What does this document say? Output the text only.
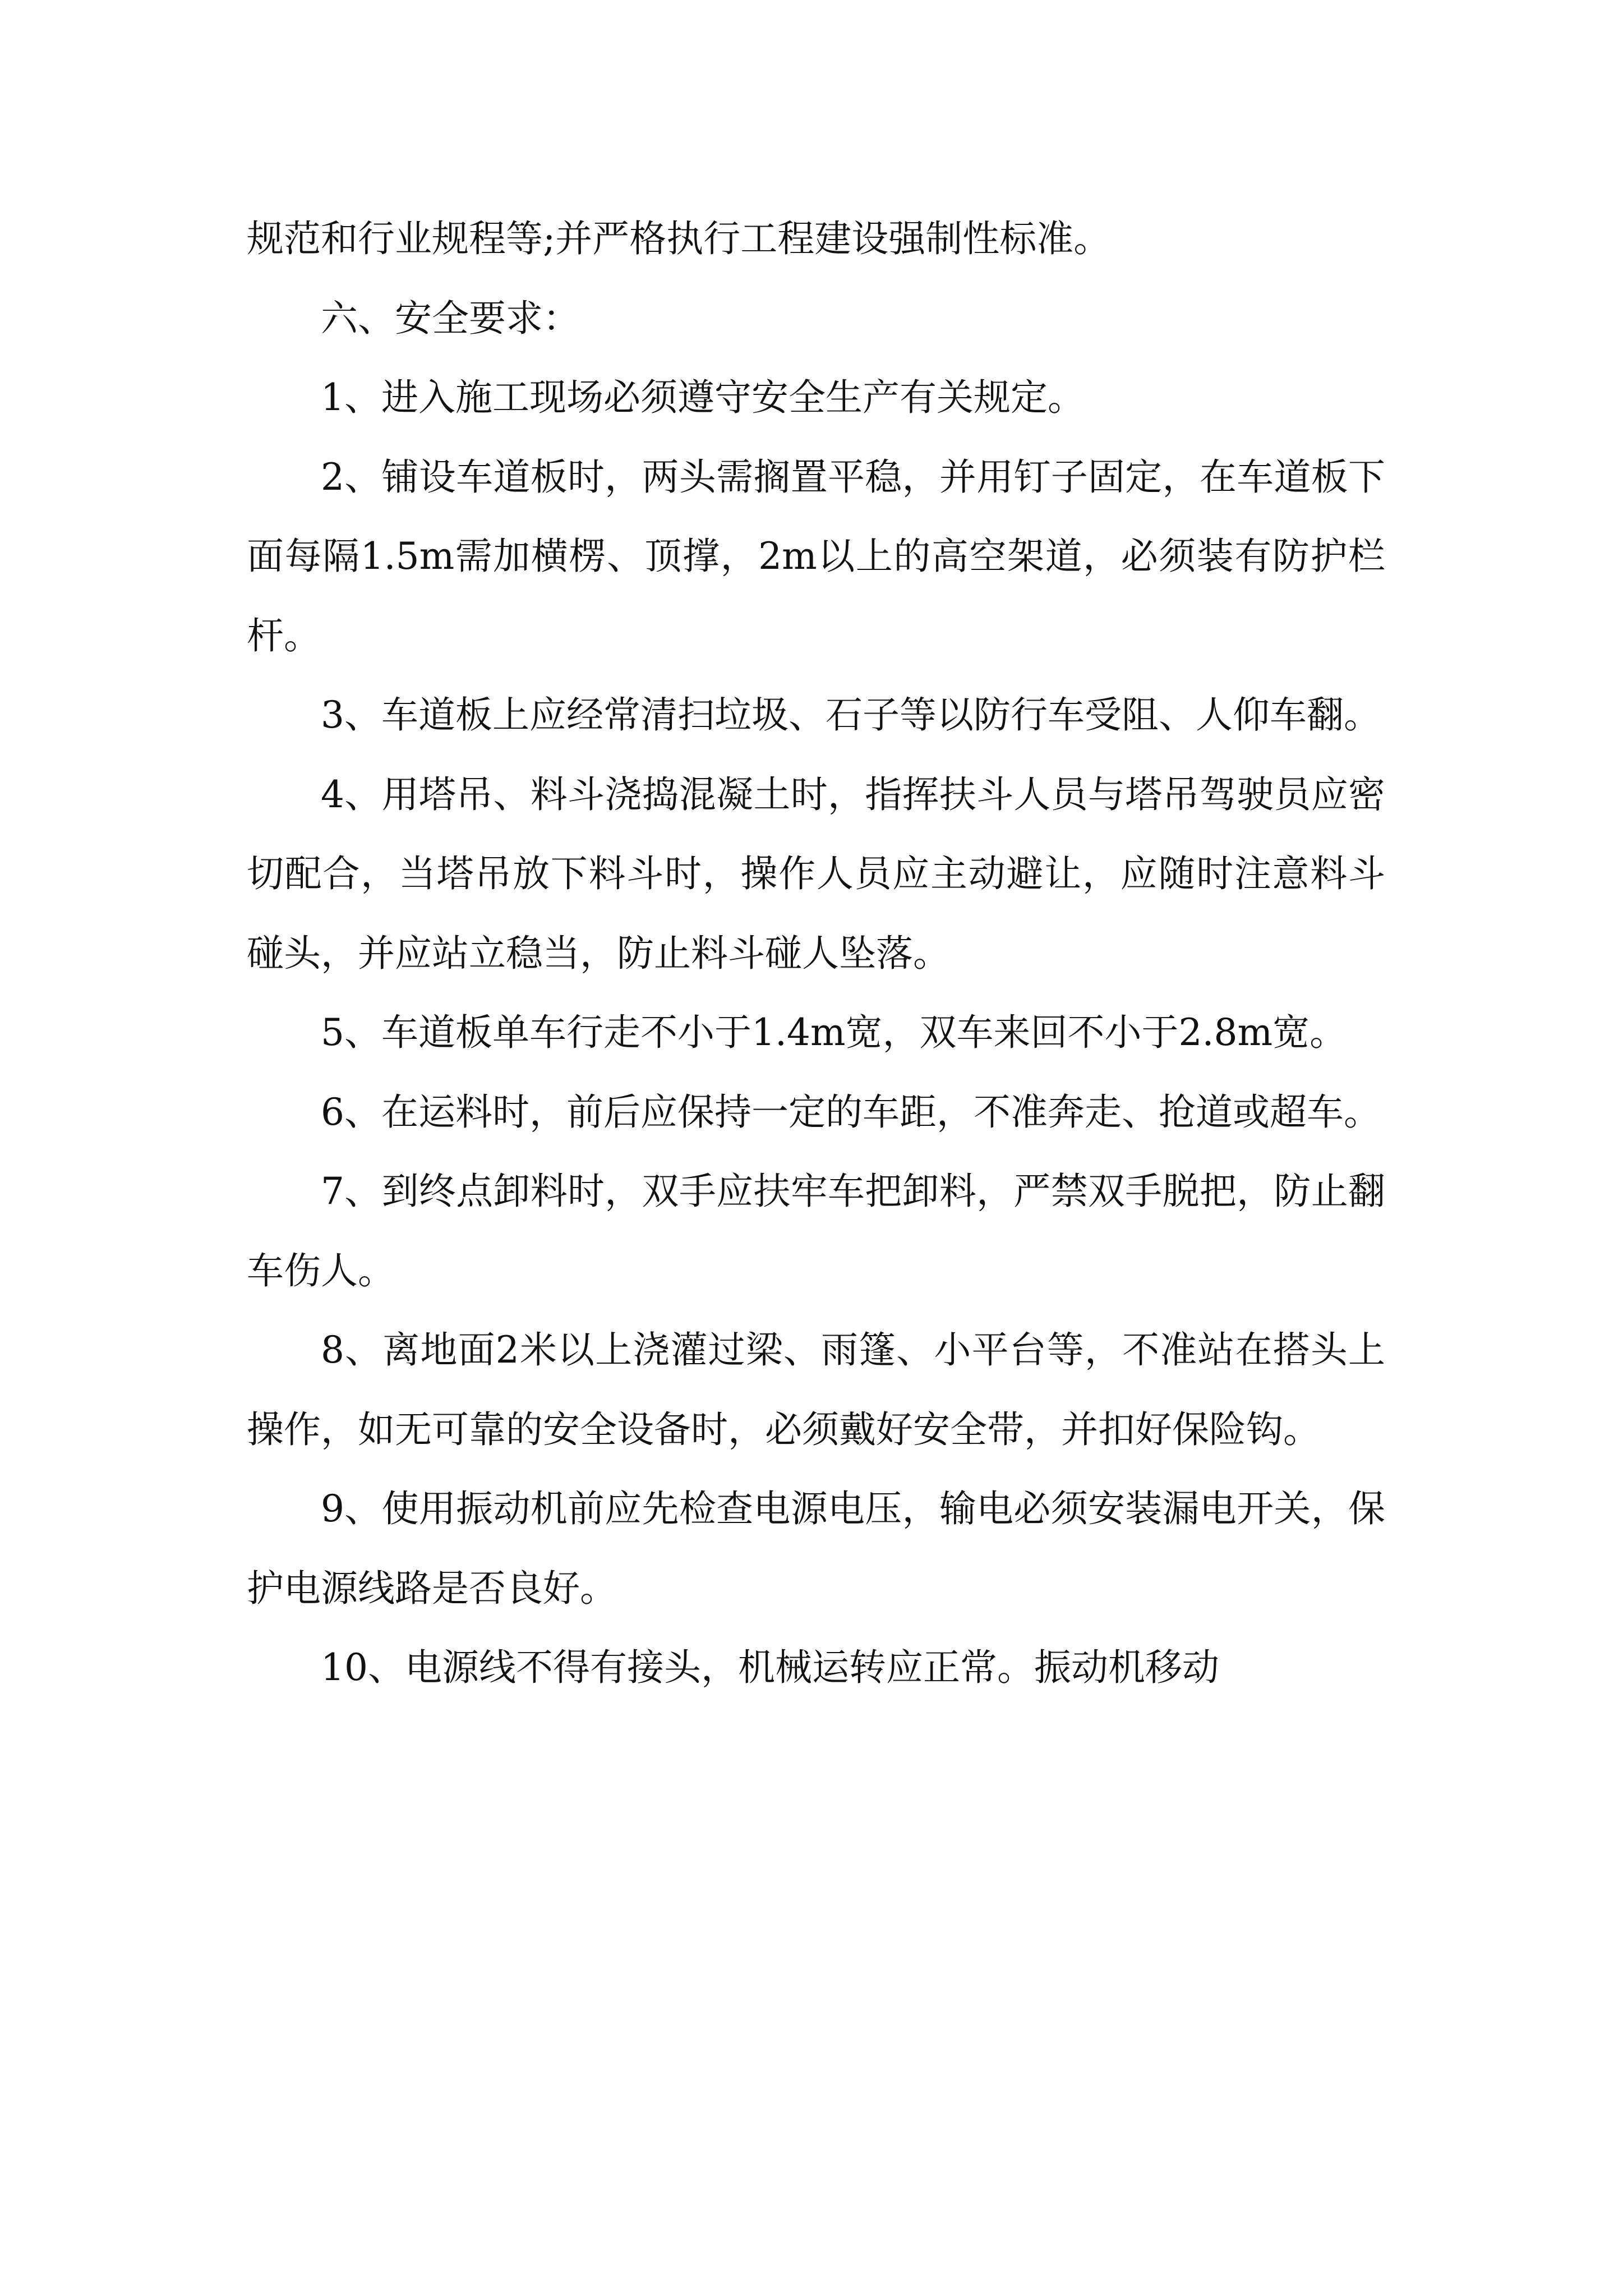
规范和行业规程等;并严格执行工程建设强制性标准。

六、安全要求：

1、进入施工现场必须遵守安全生产有关规定。

2、铺设车道板时，两头需搁置平稳，并用钉子固定，在车道板下面每隔1.5m需加横楞、顶撑，2m以上的高空架道，必须装有防护栏杆。

3、车道板上应经常清扫垃圾、石子等以防行车受阻、人仰车翻。

4、用塔吊、料斗浇捣混凝土时，指挥扶斗人员与塔吊驾驶员应密切配合，当塔吊放下料斗时，操作人员应主动避让，应随时注意料斗碰头，并应站立稳当，防止料斗碰人坠落。

5、车道板单车行走不小于1.4m宽，双车来回不小于2.8m宽。

6、在运料时，前后应保持一定的车距，不准奔走、抢道或超车。

7、到终点卸料时，双手应扶牢车把卸料，严禁双手脱把，防止翻车伤人。

8、离地面2米以上浇灌过梁、雨篷、小平台等，不准站在搭头上操作，如无可靠的安全设备时，必须戴好安全带，并扣好保险钩。

9、使用振动机前应先检查电源电压，输电必须安装漏电开关，保护电源线路是否良好。

10、电源线不得有接头，机械运转应正常。振动机移动
